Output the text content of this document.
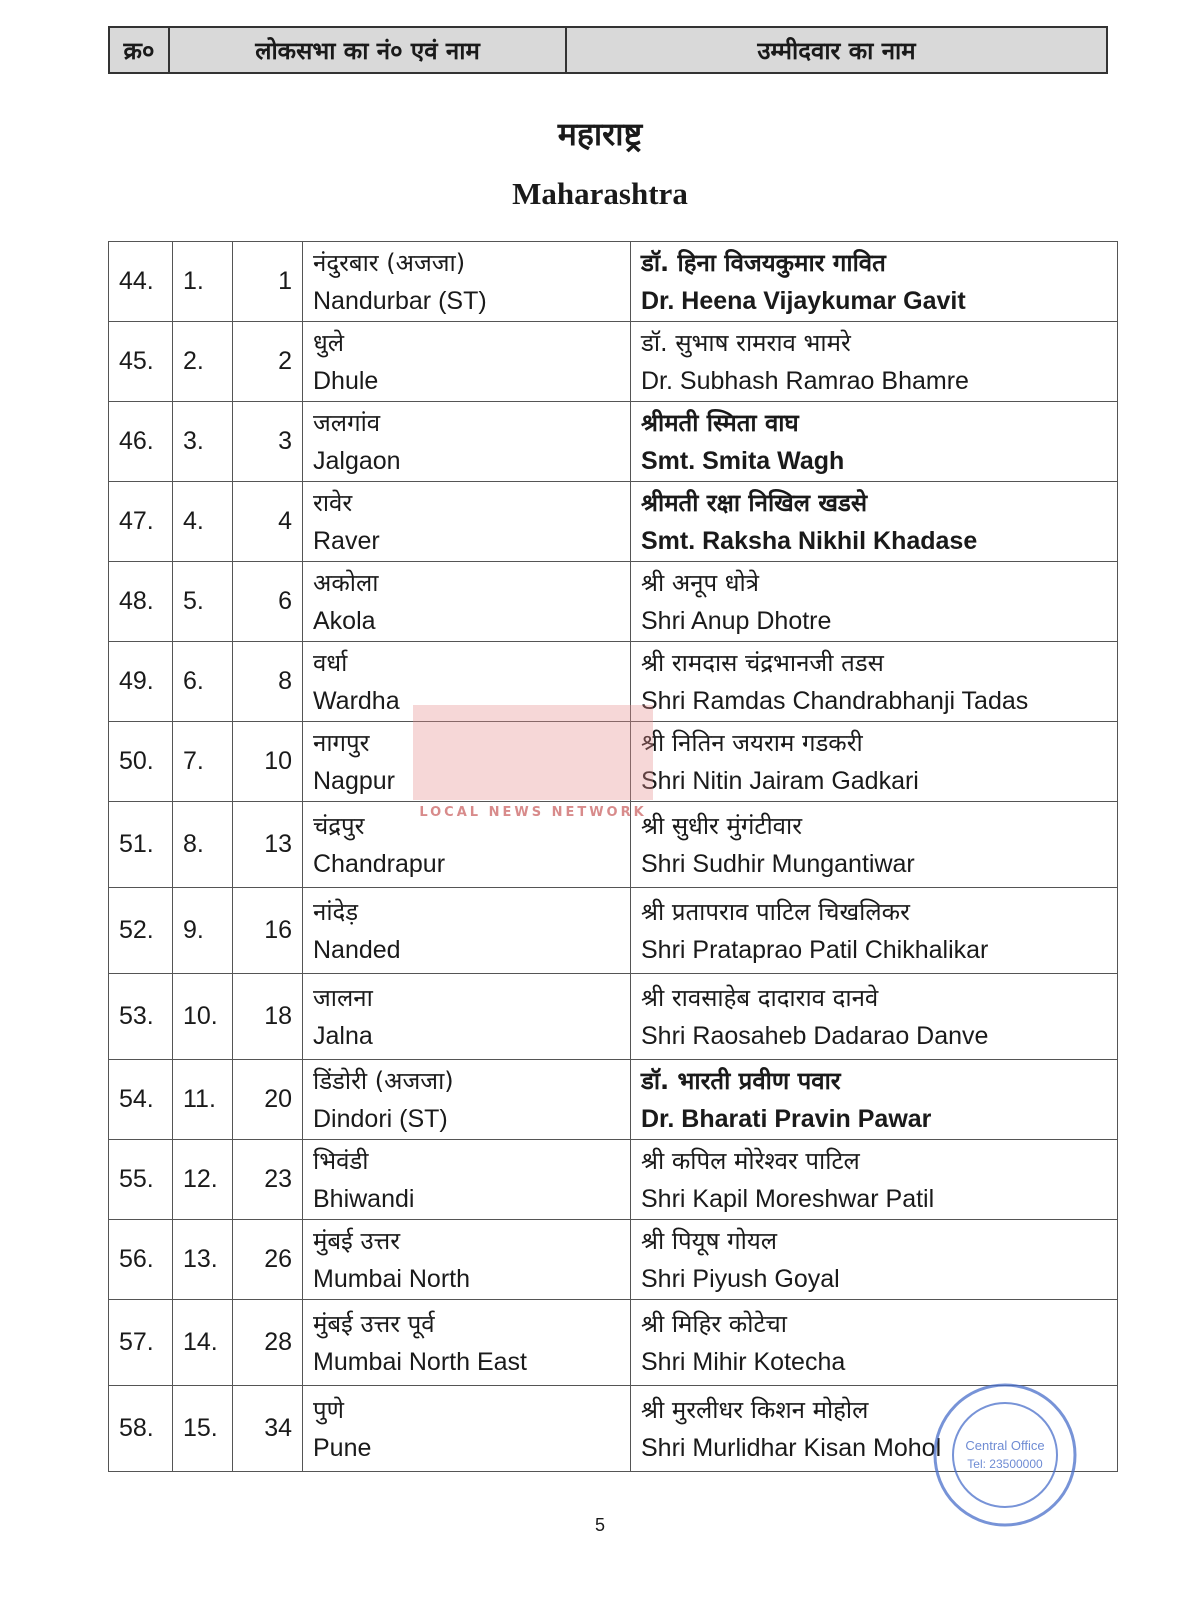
क्र०	लोकसभा का नं० एवं नाम	उम्मीदवार का नाम
महाराष्ट्र
Maharashtra
44.	1.	1	नंदुरबार (अजजा)
Nandurbar (ST)	डॉ. हिना विजयकुमार गावित
Dr. Heena Vijaykumar Gavit

45.	2.	2	धुले
Dhule	डॉ. सुभाष रामराव भामरे
Dr. Subhash Ramrao Bhamre

46.	3.	3	जलगांव
Jalgaon	श्रीमती स्मिता वाघ
Smt. Smita Wagh

47.	4.	4	रावेर
Raver	श्रीमती रक्षा निखिल खडसे
Smt. Raksha Nikhil Khadase

48.	5.	6	अकोला
Akola	श्री अनूप धोत्रे
Shri Anup Dhotre

49.	6.	8	वर्धा
Wardha	श्री रामदास चंद्रभानजी तडस
Shri Ramdas Chandrabhanji Tadas

50.	7.	10	नागपुर
Nagpur	श्री नितिन जयराम गडकरी
Shri Nitin Jairam Gadkari

51.	8.	13	चंद्रपुर
Chandrapur	श्री सुधीर मुंगंटीवार
Shri Sudhir Mungantiwar

52.	9.	16	नांदेड़
Nanded	श्री प्रतापराव पाटिल चिखलिकर
Shri Prataprao Patil Chikhalikar

53.	10.	18	जालना
Jalna	श्री रावसाहेब दादाराव दानवे
Shri Raosaheb Dadarao Danve

54.	11.	20	डिंडोरी (अजजा)
Dindori (ST)	डॉ. भारती प्रवीण पवार
Dr. Bharati Pravin Pawar

55.	12.	23	भिवंडी
Bhiwandi	श्री कपिल मोरेश्वर पाटिल
Shri Kapil Moreshwar Patil

56.	13.	26	मुंबई उत्तर
Mumbai North	श्री पियूष गोयल
Shri Piyush Goyal

57.	14.	28	मुंबई उत्तर पूर्व
Mumbai North East	श्री मिहिर कोटेचा
Shri Mihir Kotecha

58.	15.	34	पुणे
Pune	श्री मुरलीधर किशन मोहोल
Shri Murlidhar Kisan Mohol
LOCAL NEWS NETWORK
Central Office
Tel: 23500000
5
